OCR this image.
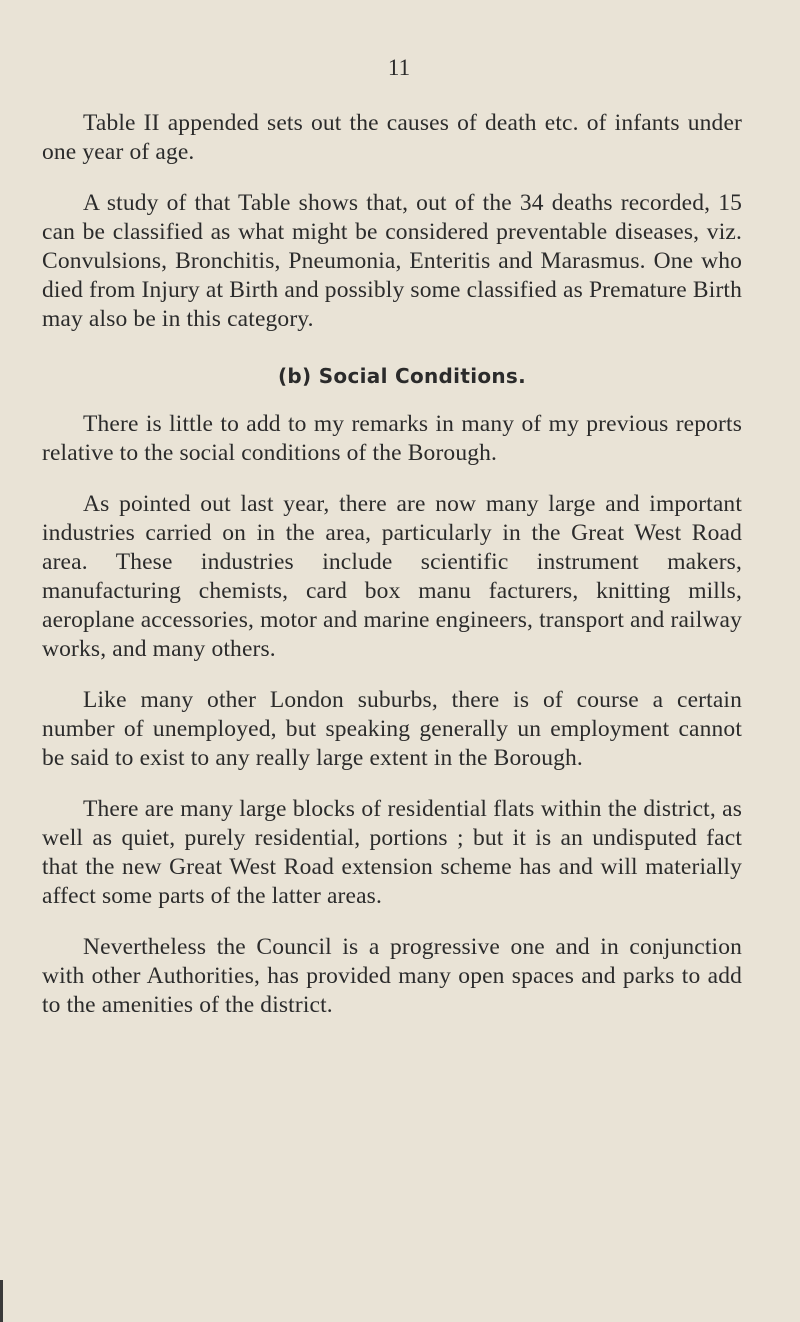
11

Table II appended sets out the causes of death etc. of infants under one year of age.

A study of that Table shows that, out of the 34 deaths recorded, 15 can be classified as what might be considered preventable diseases, viz. Convulsions, Bronchitis, Pneumonia, Enteritis and Marasmus. One who died from Injury at Birth and possibly some classified as Premature Birth may also be in this category.

(b) Social Conditions.

There is little to add to my remarks in many of my previous reports relative to the social conditions of the Borough.

As pointed out last year, there are now many large and important industries carried on in the area, particularly in the Great West Road area. These industries include scientific instrument makers, manufacturing chemists, card box manu facturers, knitting mills, aeroplane accessories, motor and marine engineers, transport and railway works, and many others.

Like many other London suburbs, there is of course a certain number of unemployed, but speaking generally un employment cannot be said to exist to any really large extent in the Borough.

There are many large blocks of residential flats within the district, as well as quiet, purely residential, portions ; but it is an undisputed fact that the new Great West Road extension scheme has and will materially affect some parts of the latter areas.

Nevertheless the Council is a progressive one and in conjunction with other Authorities, has provided many open spaces and parks to add to the amenities of the district.
